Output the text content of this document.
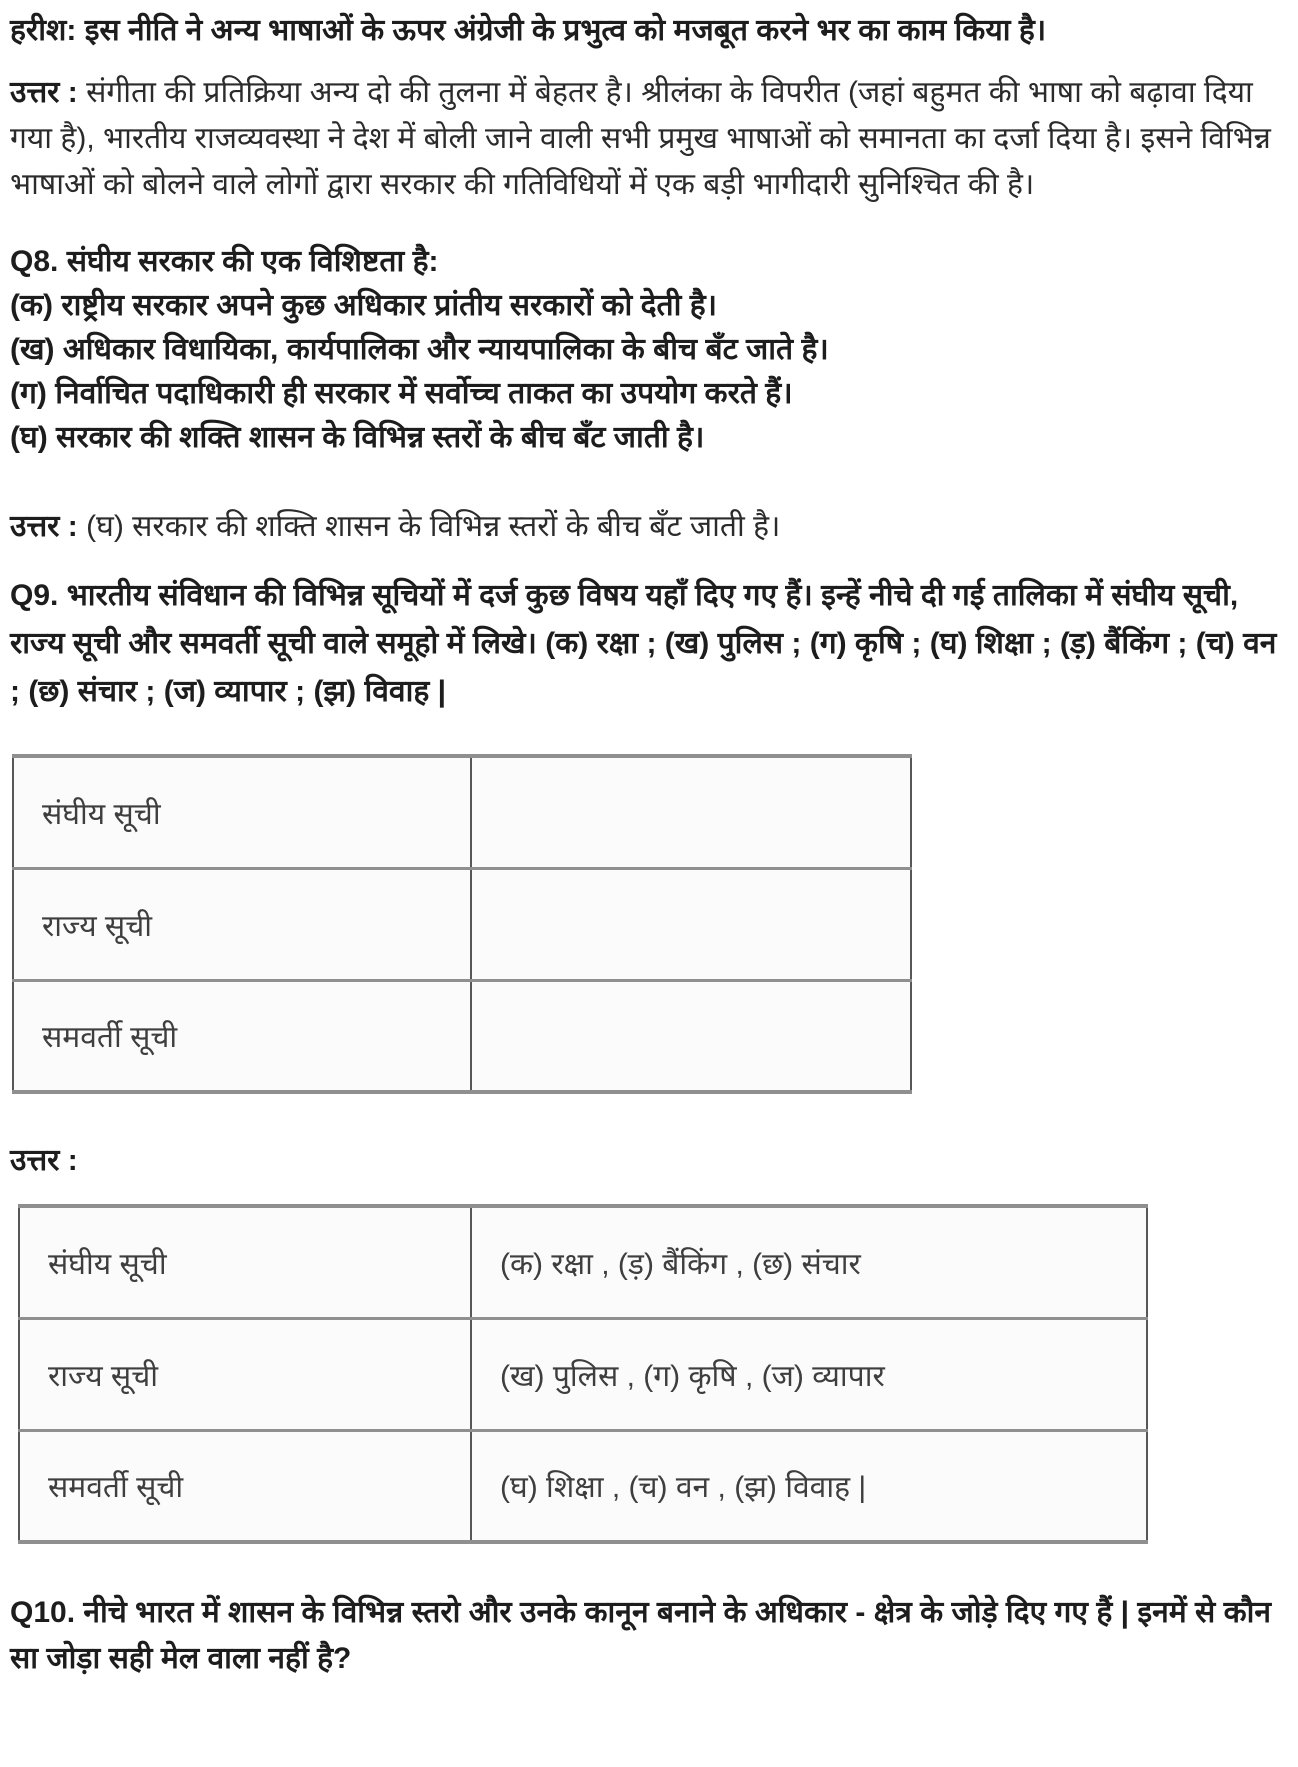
हरीश: इस नीति ने अन्य भाषाओं के ऊपर अंग्रेजी के प्रभुत्व को मजबूत करने भर का काम किया है।
उत्तर : संगीता की प्रतिक्रिया अन्य दो की तुलना में बेहतर है। श्रीलंका के विपरीत (जहां बहुमत की भाषा को बढ़ावा दिया गया है), भारतीय राजव्यवस्था ने देश में बोली जाने वाली सभी प्रमुख भाषाओं को समानता का दर्जा दिया है। इसने विभिन्न भाषाओं को बोलने वाले लोगों द्वारा सरकार की गतिविधियों में एक बड़ी भागीदारी सुनिश्चित की है।
Q8. संघीय सरकार की एक विशिष्टता है:
(क) राष्ट्रीय सरकार अपने कुछ अधिकार प्रांतीय सरकारों को देती है।
(ख) अधिकार विधायिका, कार्यपालिका और न्यायपालिका के बीच बँट जाते है।
(ग) निर्वाचित पदाधिकारी ही सरकार में सर्वोच्च ताकत का उपयोग करते हैं।
(घ) सरकार की शक्ति शासन के विभिन्न स्तरों के बीच बँट जाती है।
उत्तर : (घ) सरकार की शक्ति शासन के विभिन्न स्तरों के बीच बँट जाती है।
Q9. भारतीय संविधान की विभिन्न सूचियों में दर्ज कुछ विषय यहाँ दिए गए हैं। इन्हें नीचे दी गई तालिका में संघीय सूची, राज्य सूची और समवर्ती सूची वाले समूहो में लिखे। (क) रक्षा ; (ख) पुलिस ; (ग) कृषि ; (घ) शिक्षा ; (ड़) बैंकिंग ; (च) वन ; (छ) संचार ; (ज) व्यापार ; (झ) विवाह |
संघीय सूची	
राज्य सूची	
समवर्ती सूची	
उत्तर :
संघीय सूची	(क) रक्षा , (ड़) बैंकिंग , (छ) संचार
राज्य सूची	(ख) पुलिस , (ग) कृषि , (ज) व्यापार
समवर्ती सूची	(घ) शिक्षा , (च) वन , (झ) विवाह |
Q10. नीचे भारत में शासन के विभिन्न स्तरो और उनके कानून बनाने के अधिकार - क्षेत्र के जोड़े दिए गए हैं | इनमें से कौन सा जोड़ा सही मेल वाला नहीं है?
